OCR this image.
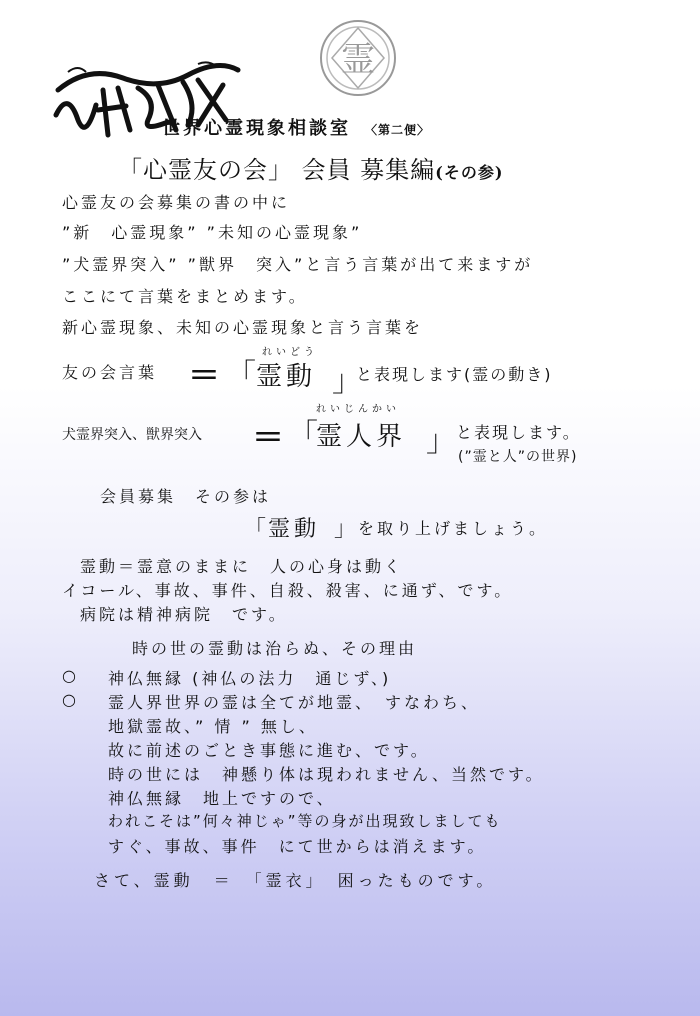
霊
世界心霊現象相談室 〈第二便〉
「心霊友の会」 会員 募集編(その参)
心霊友の会募集の書の中に
”新　心霊現象” ”未知の心霊現象”
”犬霊界突入” ”獣界　突入”と言う言葉が出て来ますが
ここにて言葉をまとめます。
新心霊現象、未知の心霊現象と言う言葉を
れいどう
友の会言葉 ＝ 「 霊動 」
と表現します(霊の動き)
れいじんかい
犬霊界突入、獣界突入 ＝ 「
霊人界 」 と表現します。
(”霊と人”の世界)
会員募集　その参は
「 霊動 」 を取り上げましょう。
霊動＝霊意のままに　人の心身は動く
イコール、事故、事件、自殺、殺害、に通ず、です。
病院は精神病院　です。
時の世の霊動は治らぬ、その理由
○ 神仏無縁 (神仏の法力　通じず、)
○ 霊人界世界の霊は全てが地霊、　すなわち、
地獄霊故、” 情 ” 無し、
故に前述のごとき事態に進む、です。
時の世には　神懸り体は現われません、当然です。
神仏無縁　地上ですので、
われこそは”何々神じゃ”等の身が出現致しましても
すぐ、事故、事件　にて世からは消えます。
さて、霊動　＝　「霊衣」　困ったものです。
